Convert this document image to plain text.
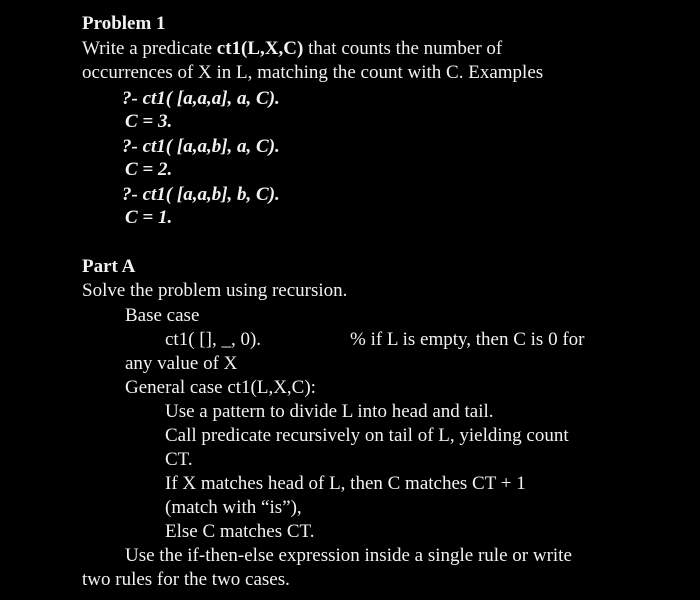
Problem 1
Write a predicate ct1(L,X,C) that counts the number of
occurrences of X in L, matching the count with C. Examples
?- ct1( [a,a,a], a, C).
C = 3.
?- ct1( [a,a,b], a, C).
C = 2.
?- ct1( [a,a,b], b, C).
C = 1.
Part A
Solve the problem using recursion.
Base case
ct1( [], _, 0).	% if L is empty, then C is 0 for
any value of X
General case ct1(L,X,C):
Use a pattern to divide L into head and tail.
Call predicate recursively on tail of L, yielding count
CT.
If X matches head of L, then C matches CT + 1
(match with “is”),
Else C matches CT.
Use the if-then-else expression inside a single rule or write
two rules for the two cases.
